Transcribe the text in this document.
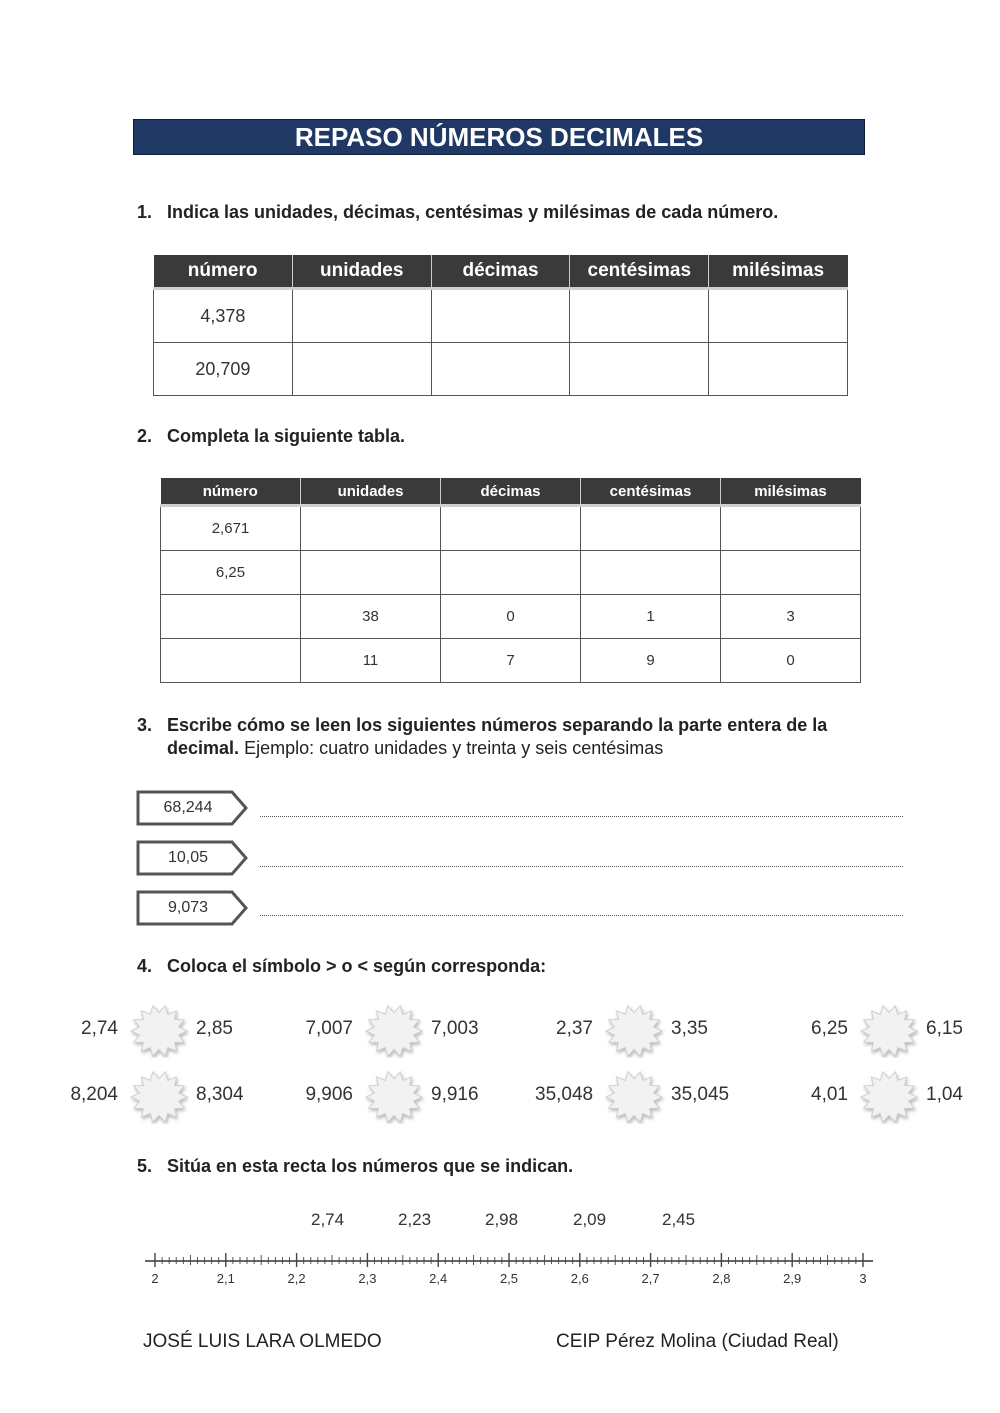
REPASO NÚMEROS DECIMALES
1. Indica las unidades, décimas, centésimas y milésimas de cada número.
número	unidades	décimas	centésimas	milésimas
4,378				
20,709				
2. Completa la siguiente tabla.
número	unidades	décimas	centésimas	milésimas
2,671				
6,25				
	38	0	1	3
	11	7	9	0
3. Escribe cómo se leen los siguientes números separando la parte entera de la decimal. Ejemplo: cuatro unidades y treinta y seis centésimas
68,244
10,05
9,073
4. Coloca el símbolo > o < según corresponda:
2,74	2,85	7,007	7,003	2,37	3,35	6,25	6,15
8,204	8,304	9,906	9,916	35,048	35,045	4,01	1,04
5. Sitúa en esta recta los números que se indican.
2,74	2,23	2,98	2,09	2,45
2	2,1	2,2	2,3	2,4	2,5	2,6	2,7	2,8	2,9	3
JOSÉ LUIS LARA OLMEDO	CEIP Pérez Molina (Ciudad Real)
